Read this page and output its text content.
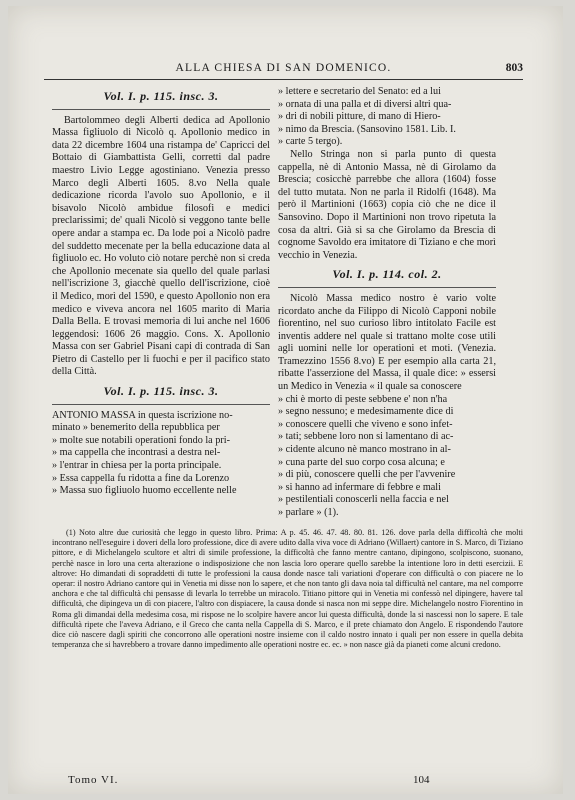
ALLA CHIESA DI SAN DOMENICO.	803
Vol. I. p. 115. insc. 3.

Bartolommeo degli Alberti dedica ad Apollonio Massa figliuolo di Nicolò q. Apollonio medico in data 22 dicembre 1604 una ristampa de' Capricci del Bottaio di Giambattista Gelli, corretti dal padre maestro Livio Legge agostiniano. Venezia presso Marco degli Alberti 1605. 8.vo Nella quale dedicazione ricorda l'avolo suo Apollonio, e il bisavolo Nicolò ambidue filosofi e medici preclarissimi; de' quali Nicolò si veggono tante belle opere andar a stampa ec. Da lode poi a Nicolò padre del suddetto mecenate per la bella educazione data al figliuolo ec. Ho voluto ciò notare perchè non si creda che Apollonio mecenate sia quello del quale parlasi nell'iscrizione 3, giacchè quello dell'iscrizione, cioè il Medico, morì del 1590, e questo Apollonio non era medico e viveva ancora nel 1605 marito di Maria Dalla Bella. E trovasi memoria di lui anche nel 1606 leggendosi: 1606 26 maggio. Cons. X. Apollonio Massa con ser Gabriel Pisani capi di contrada di San Pietro di Castello per li fuochi e per il pacifico stato della Città.

Vol. I. p. 115. insc. 3.
ANTONIO MASSA in questa iscrizione no-
minato » benemerito della repubblica per
» molte sue notabili operationi fondo la pri-
» ma cappella che incontrasi a destra nel-
» l'entrar in chiesa per la porta principale.
» Essa cappella fu ridotta a fine da Lorenzo
» Massa suo figliuolo huomo eccellente nelle
» lettere e secretario del Senato: ed a lui
» ornata di una palla et di diversi altri qua-
» dri di nobili pitture, di mano di Hiero-
» nimo da Brescia. (Sansovino 1581. Lib. I.
» carte 5 tergo).

Nello Stringa non si parla punto di questa cappella, nè di Antonio Massa, nè di Girolamo da Brescia; cosicchè parrebbe che allora (1604) fosse del tutto mutata. Non ne parla il Ridolfi (1648). Ma però il Martinioni (1663) copia ciò che ne dice il Sansovino. Dopo il Martinioni non trovo ripetuta la cosa da altri. Già si sa che Girolamo da Brescia di cognome Savoldo era imitatore di Tiziano e che morì vecchio in Venezia.

Vol. I. p. 114. col. 2.

Nicolò Massa medico nostro è vario volte ricordato anche da Filippo di Nicolò Capponi nobile fiorentino, nel suo curioso libro intitolato Facile est inventis addere nel quale si trattano molte cose utili agli uomini nelle lor operationi et moti. (Venezia. Tramezzino 1556 8.vo) E per esempio alla carta 21, ribatte l'asserzione del Massa, il quale dice: » essersi un Medico in Venezia « il quale sa conoscere

» chi è morto di peste sebbene e' non n'ha
» segno nessuno; e medesimamente dice di
» conoscere quelli che viveno e sono infet-
» tati; sebbene loro non si lamentano di ac-
» cidente alcuno nè manco mostrano in al-
» cuna parte del suo corpo cosa alcuna; e
» di più, conoscere quelli che per l'avvenire
» si hanno ad infermare di febbre e mali
» pestilentiali conoscerli nella faccia e nel
» parlare » (1).

(1) Noto altre due curiosità che leggo in questo libro. Prima: A p. 45. 46. 47. 48. 80. 81. 126. dove parla della difficoltà che molti incontrano nell'eseguire i doveri della loro professione, dice di avere udito dalla viva voce di Adriano (Willaert) cantore in S. Marco, di Tiziano pittore, e di Michelangelo scultore et altri di simile professione, la difficoltà che fanno mentre cantano, dipingono, scolpiscono, suonano, perchè nasce in loro una certa alterazione o indisposizione che non lascia loro operare quello sarebbe la intentione loro in detti esercizii. E altrove: Ho dimandati di sopraddetti di tutte le professioni la causa donde nasce tali variationi d'operare con difficultà o con piacere ne lo operar: il nostro Adriano cantore qui in Venetia mi disse non lo sapere, et che non tanto gli dava noia tal difficultà nel cantare, ma nel comporre anchora e che tal difficultà chi pensasse di levarla lo terrebbe un miracolo. Titiano pittore qui in Venetia mi confessò nel dipingere, havere tal difficultà, che dipingeva un dì con piacere, l'altro con dispiacere, la causa donde si nasca non mi seppe dire. Michelangelo nostro Fiorentino in Roma gli dimandai della medesima cosa, mi rispose ne lo scolpire havere ancor lui questa difficultà, donde la si nascessi non lo sapere. E tale difficultà ripete che l'aveva Adriano, e il Greco che canta nella Cappella di S. Marco, e il prete chiamato don Angelo. E rispondendo l'autore dice ciò nascere dagli spiriti che concorrono alle operationi nostre insieme con il caldo nostro innato i quali per non essere in quella debita temperanza che si havrebbero a trovare danno impedimento alle operationi nostre ec. ec. » non nasce già da pianeti come alcuni credono.

Tomo VI.	104
